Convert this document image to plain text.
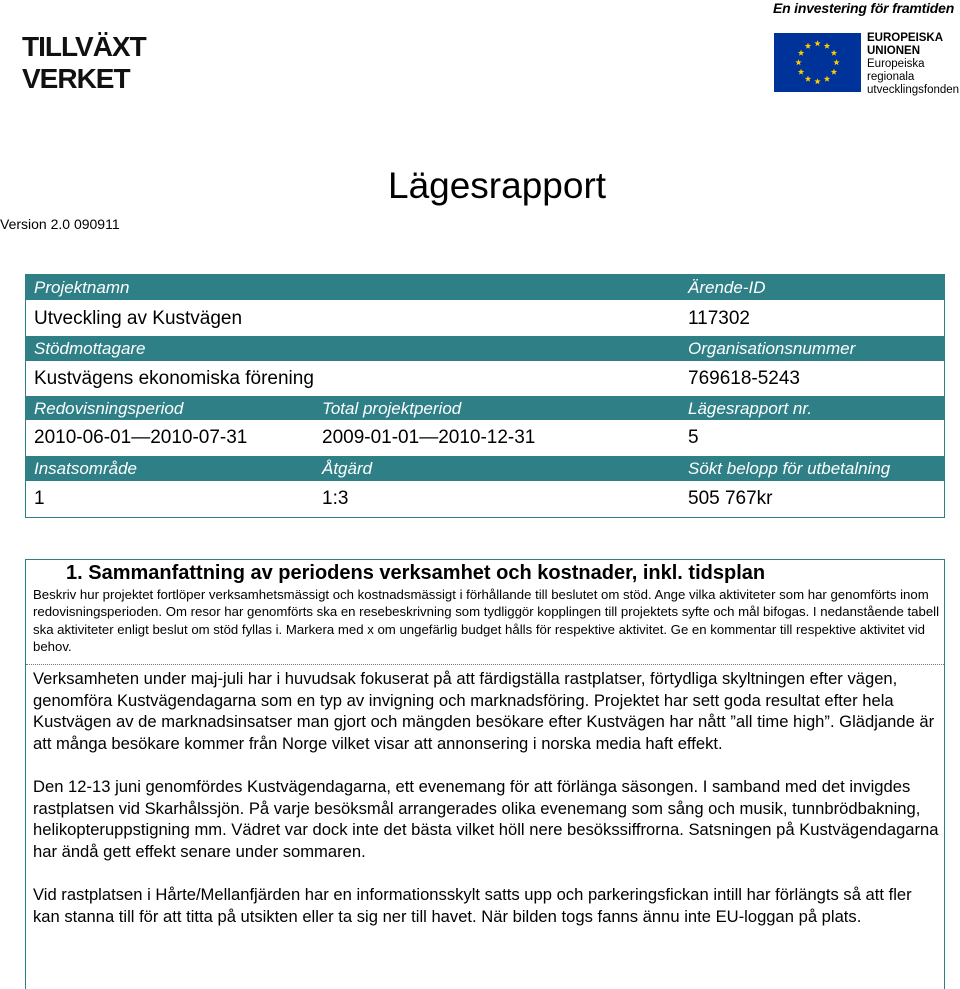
TILLVÄXT
VERKET
En investering för framtiden
EUROPEISKA
UNIONEN
Europeiska
regionala
utvecklingsfonden
Lägesrapport
Version 2.0 090911
Projektnamn	Ärende-ID
Utveckling av Kustvägen	117302
Stödmottagare	Organisationsnummer
Kustvägens ekonomiska förening	769618-5243
Redovisningsperiod	Total projektperiod	Lägesrapport nr.
2010-06-01—2010-07-31	2009-01-01—2010-12-31	5
Insatsområde	Åtgärd	Sökt belopp för utbetalning
1	1:3	505 767kr
1. Sammanfattning av periodens verksamhet och kostnader, inkl. tidsplan
Beskriv hur projektet fortlöper verksamhetsmässigt och kostnadsmässigt i förhållande till beslutet om stöd. Ange vilka aktiviteter som har genomförts inom redovisningsperioden. Om resor har genomförts ska en resebeskrivning som tydliggör kopplingen till projektets syfte och mål bifogas. I nedanstående tabell ska aktiviteter enligt beslut om stöd fyllas i. Markera med x om ungefärlig budget hålls för respektive aktivitet. Ge en kommentar till respektive aktivitet vid behov.

Verksamheten under maj-juli har i huvudsak fokuserat på att färdigställa rastplatser, förtydliga skyltningen efter vägen, genomföra Kustvägendagarna som en typ av invigning och marknadsföring. Projektet har sett goda resultat efter hela Kustvägen av de marknadsinsatser man gjort och mängden besökare efter Kustvägen har nått ”all time high”. Glädjande är att många besökare kommer från Norge vilket visar att annonsering i norska media haft effekt.

Den 12-13 juni genomfördes Kustvägendagarna, ett evenemang för att förlänga säsongen. I samband med det invigdes rastplatsen vid Skarhålssjön. På varje besöksmål arrangerades olika evenemang som sång och musik, tunnbrödbakning, helikopteruppstigning mm. Vädret var dock inte det bästa vilket höll nere besökssiffrorna. Satsningen på Kustvägendagarna har ändå gett effekt senare under sommaren.

Vid rastplatsen i Hårte/Mellanfjärden har en informationsskylt satts upp och parkeringsfickan intill har förlängts så att fler kan stanna till för att titta på utsikten eller ta sig ner till havet. När bilden togs fanns ännu inte EU-loggan på plats.
